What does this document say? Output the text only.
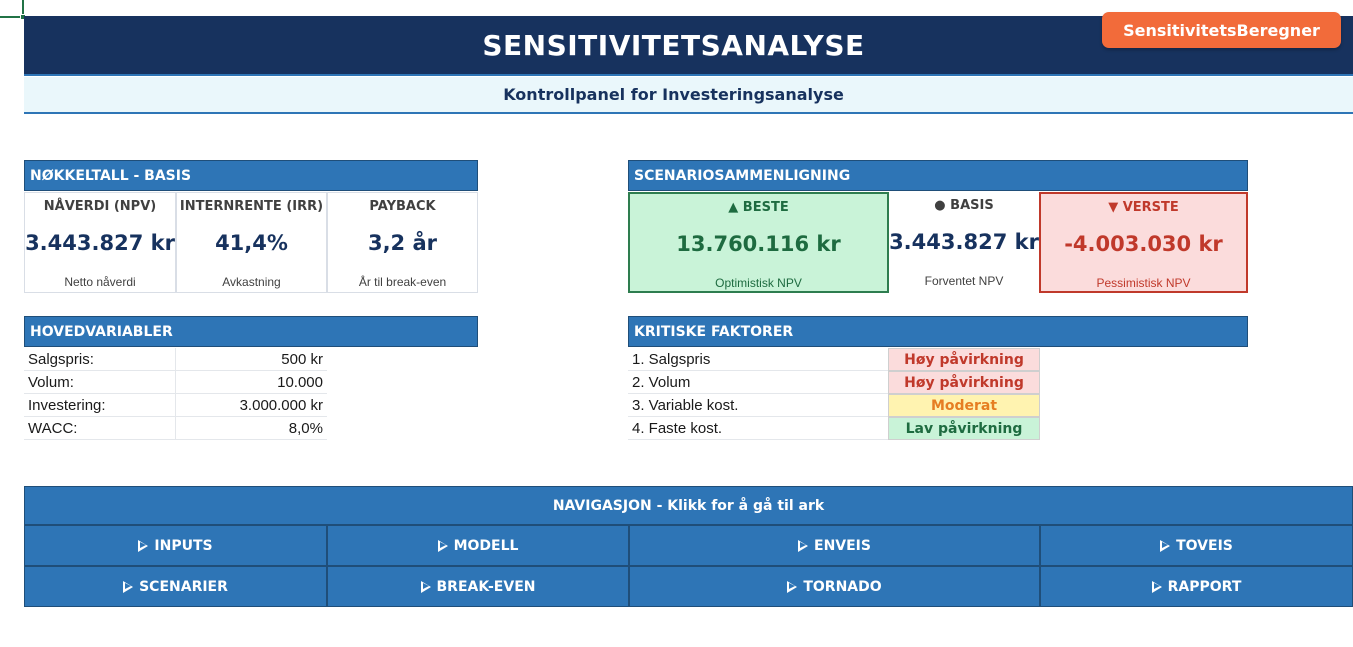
SENSITIVITETSANALYSE	SensitivitetsBeregner
Kontrollpanel for Investeringsanalyse
NØKKELTALL - BASIS
NÅVERDI (NPV)
3.443.827 kr
Netto nåverdi
INTERNRENTE (IRR)
41,4%
Avkastning
PAYBACK
3,2 år
År til break-even
SCENARIOSAMMENLIGNING
▲ BESTE
13.760.116 kr
Optimistisk NPV
● BASIS
3.443.827 kr
Forventet NPV
▼ VERSTE
-4.003.030 kr
Pessimistisk NPV
HOVEDVARIABLER
Salgspris:	500 kr
Volum:	10.000
Investering:	3.000.000 kr
WACC:	8,0%
KRITISKE FAKTORER
1. Salgspris	Høy påvirkning
2. Volum	Høy påvirkning
3. Variable kost.	Moderat
4. Faste kost.	Lav påvirkning
NAVIGASJON - Klikk for å gå til ark
INPUTS	MODELL	ENVEIS	TOVEIS
SCENARIER	BREAK-EVEN	TORNADO	RAPPORT
